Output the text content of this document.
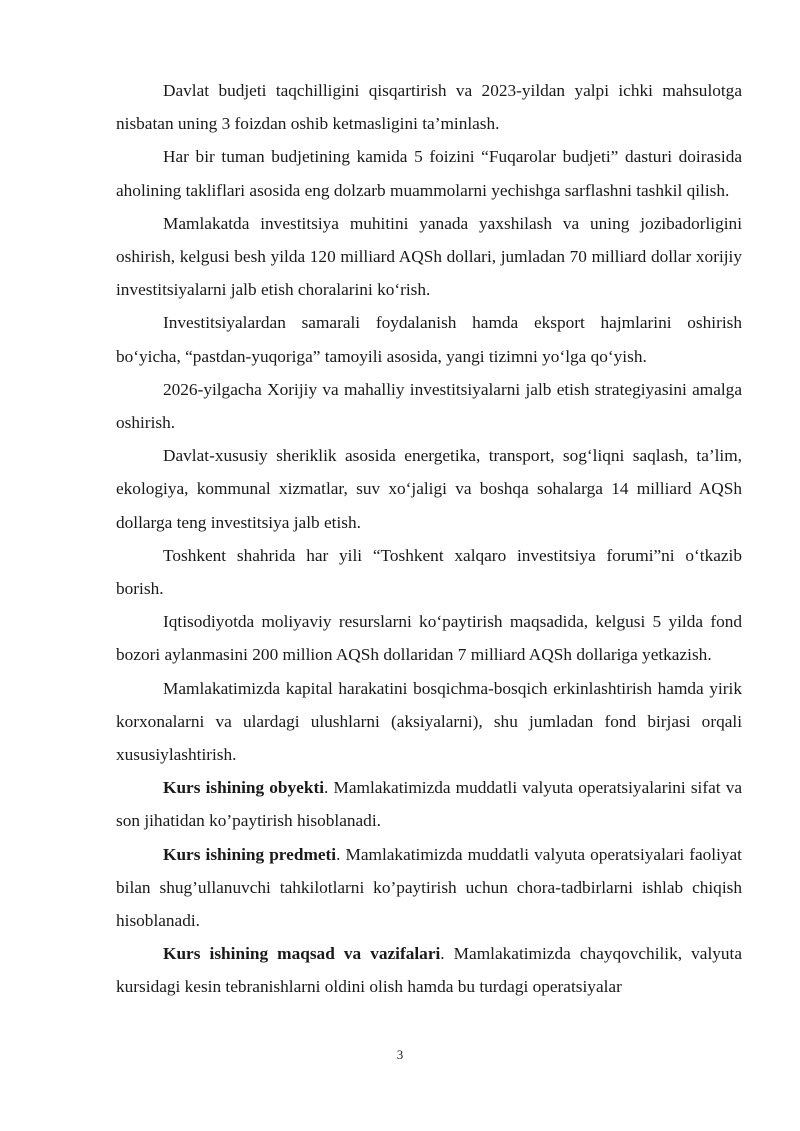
Davlat budjeti taqchilligini qisqartirish va 2023-yildan yalpi ichki mahsulotga nisbatan uning 3 foizdan oshib ketmasligini ta’minlash.

Har bir tuman budjetining kamida 5 foizini “Fuqarolar budjeti” dasturi doirasida aholining takliflari asosida eng dolzarb muammolarni yechishga sarflashni tashkil qilish.

Mamlakatda investitsiya muhitini yanada yaxshilash va uning jozibadorligini oshirish, kelgusi besh yilda 120 milliard AQSh dollari, jumladan 70 milliard dollar xorijiy investitsiyalarni jalb etish choralarini ko‘rish.

Investitsiyalardan samarali foydalanish hamda eksport hajmlarini oshirish bo‘yicha, “pastdan-yuqoriga” tamoyili asosida, yangi tizimni yo‘lga qo‘yish.

2026-yilgacha Xorijiy va mahalliy investitsiyalarni jalb etish strategiyasini amalga oshirish.

Davlat-xususiy sheriklik asosida energetika, transport, sog‘liqni saqlash, ta’lim, ekologiya, kommunal xizmatlar, suv xo‘jaligi va boshqa sohalarga 14 milliard AQSh dollarga teng investitsiya jalb etish.

Toshkent shahrida har yili “Toshkent xalqaro investitsiya forumi”ni o‘tkazib borish.

Iqtisodiyotda moliyaviy resurslarni ko‘paytirish maqsadida, kelgusi 5 yilda fond bozori aylanmasini 200 million AQSh dollaridan 7 milliard AQSh dollariga yetkazish.

Mamlakatimizda kapital harakatini bosqichma-bosqich erkinlashtirish hamda yirik korxonalarni va ulardagi ulushlarni (aksiyalarni), shu jumladan fond birjasi orqali xususiylashtirish.

Kurs ishining obyekti. Mamlakatimizda muddatli valyuta operatsiyalarini sifat va son jihatidan ko’paytirish hisoblanadi.

Kurs ishining predmeti. Mamlakatimizda muddatli valyuta operatsiyalari faoliyat bilan shug’ullanuvchi tahkilotlarni ko’paytirish uchun chora-tadbirlarni ishlab chiqish hisoblanadi.

Kurs ishining maqsad va vazifalari. Mamlakatimizda chayqovchilik, valyuta kursidagi kesin tebranishlarni oldini olish hamda bu turdagi operatsiyalar

3
